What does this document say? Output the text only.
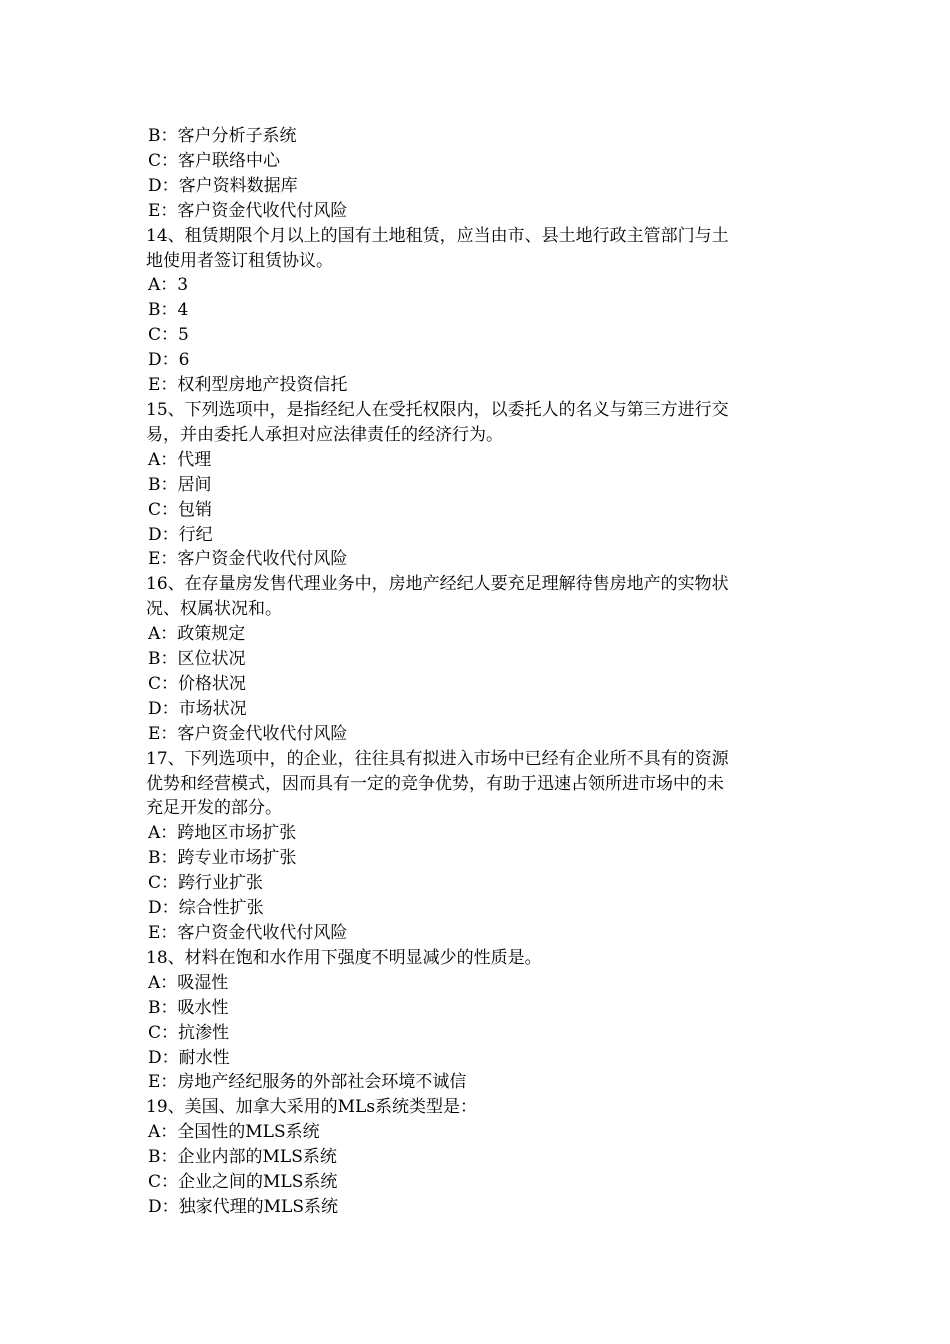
B：客户分析子系统

C：客户联络中心

D：客户资料数据库

E：客户资金代收代付风险

14、租赁期限个月以上的国有土地租赁，应当由市、县土地行政主管部门与土

地使用者签订租赁协议。

A：3

B：4

C：5

D：6

E：权利型房地产投资信托

15、下列选项中，是指经纪人在受托权限内，以委托人的名义与第三方进行交

易，并由委托人承担对应法律责任的经济行为。

A：代理

B：居间

C：包销

D：行纪

E：客户资金代收代付风险

16、在存量房发售代理业务中，房地产经纪人要充足理解待售房地产的实物状

况、权属状况和。

A：政策规定

B：区位状况

C：价格状况

D：市场状况

E：客户资金代收代付风险

17、下列选项中，的企业，往往具有拟进入市场中已经有企业所不具有的资源

优势和经营模式，因而具有一定的竞争优势，有助于迅速占领所进市场中的未

充足开发的部分。

A：跨地区市场扩张

B：跨专业市场扩张

C：跨行业扩张

D：综合性扩张

E：客户资金代收代付风险

18、材料在饱和水作用下强度不明显减少的性质是。

A：吸湿性

B：吸水性

C：抗渗性

D：耐水性

E：房地产经纪服务的外部社会环境不诚信

19、美国、加拿大采用的MLs系统类型是：

A：全国性的MLS系统

B：企业内部的MLS系统

C：企业之间的MLS系统

D：独家代理的MLS系统
